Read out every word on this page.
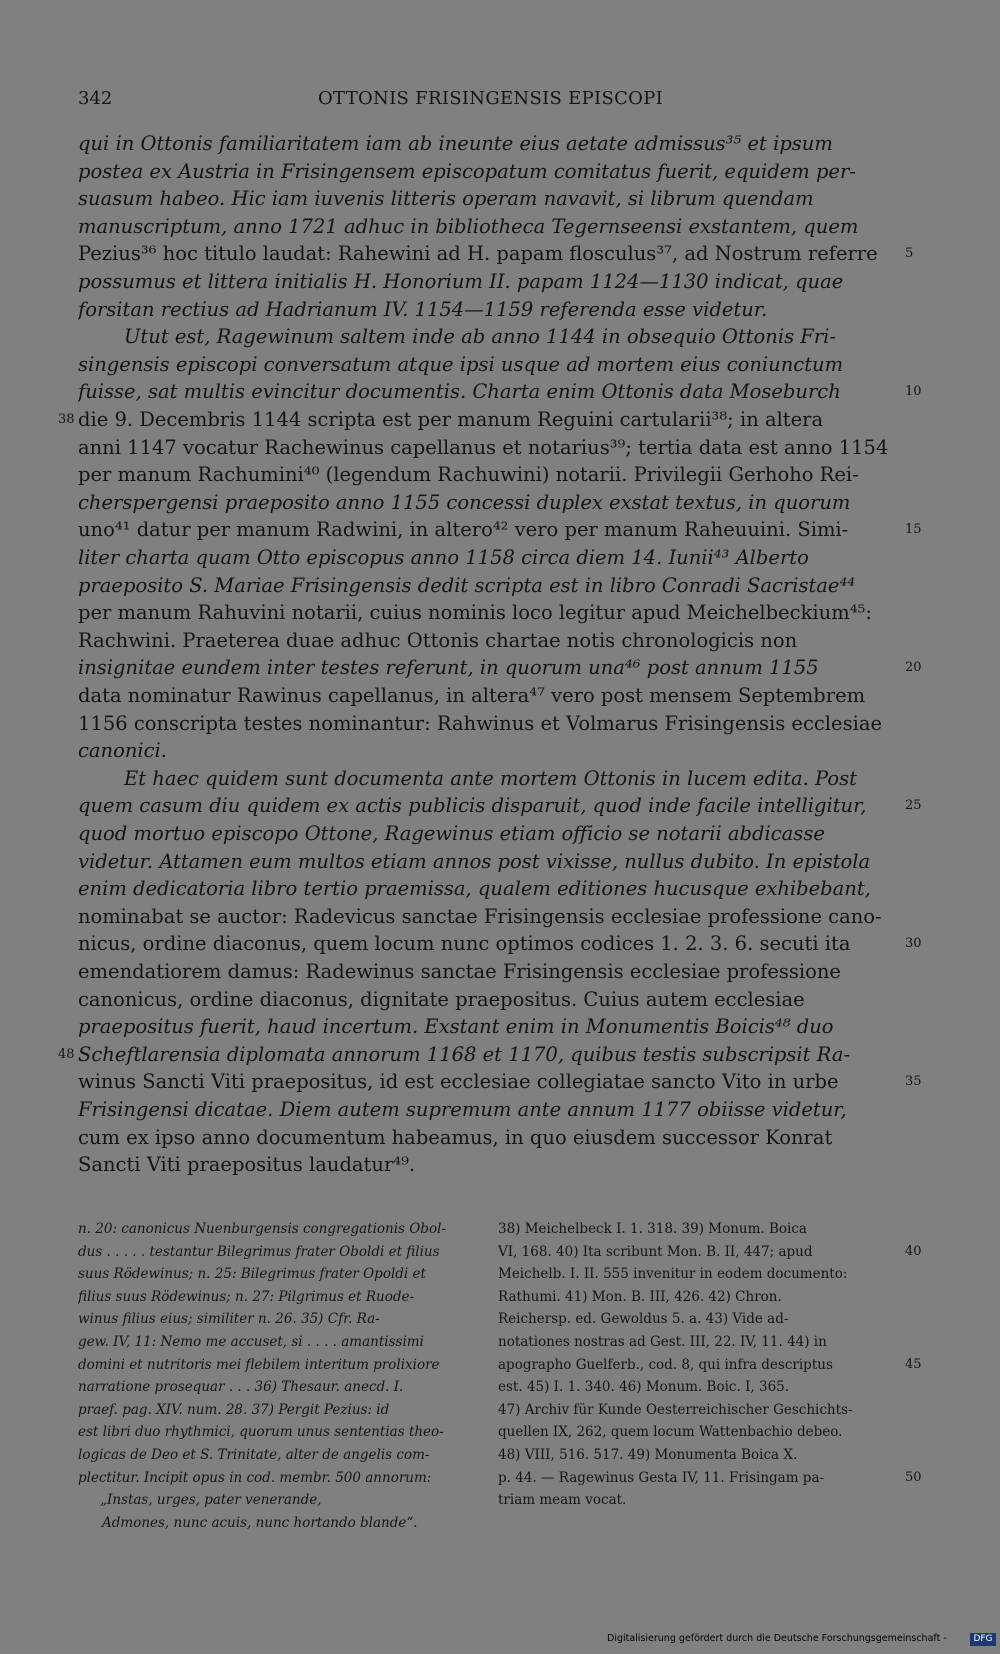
342	OTTONIS FRISINGENSIS EPISCOPI
qui in Ottonis familiaritatem iam ab ineunte eius aetate admissus³⁵ et ipsum
postea ex Austria in Frisingensem episcopatum comitatus fuerit, equidem per-
suasum habeo. Hic iam iuvenis litteris operam navavit, si librum quendam
manuscriptum, anno 1721 adhuc in bibliotheca Tegernseensi exstantem, quem
Pezius³⁶ hoc titulo laudat: Rahewini ad H. papam flosculus³⁷, ad Nostrum referre
possumus et littera initialis H. Honorium II. papam 1124—1130 indicat, quae
forsitan rectius ad Hadrianum IV. 1154—1159 referenda esse videtur.
Utut est, Ragewinum saltem inde ab anno 1144 in obsequio Ottonis Fri-
singensis episcopi conversatum atque ipsi usque ad mortem eius coniunctum
fuisse, sat multis evincitur documentis. Charta enim Ottonis data Moseburch
die 9. Decembris 1144 scripta est per manum Reguini cartularii³⁸; in altera
anni 1147 vocatur Rachewinus capellanus et notarius³⁹; tertia data est anno 1154
per manum Rachumini⁴⁰ (legendum Rachuwini) notarii. Privilegii Gerhoho Rei-
cherspergensi praeposito anno 1155 concessi duplex exstat textus, in quorum
uno⁴¹ datur per manum Radwini, in altero⁴² vero per manum Raheuuini. Simi-
liter charta quam Otto episcopus anno 1158 circa diem 14. Iunii⁴³ Alberto
praeposito S. Mariae Frisingensis dedit scripta est in libro Conradi Sacristae⁴⁴
per manum Rahuvini notarii, cuius nominis loco legitur apud Meichelbeckium⁴⁵:
Rachwini. Praeterea duae adhuc Ottonis chartae notis chronologicis non
insignitae eundem inter testes referunt, in quorum una⁴⁶ post annum 1155
data nominatur Rawinus capellanus, in altera⁴⁷ vero post mensem Septembrem
1156 conscripta testes nominantur: Rahwinus et Volmarus Frisingensis ecclesiae
canonici.
Et haec quidem sunt documenta ante mortem Ottonis in lucem edita. Post
quem casum diu quidem ex actis publicis disparuit, quod inde facile intelligitur,
quod mortuo episcopo Ottone, Ragewinus etiam officio se notarii abdicasse
videtur. Attamen eum multos etiam annos post vixisse, nullus dubito. In epistola
enim dedicatoria libro tertio praemissa, qualem editiones hucusque exhibebant,
nominabat se auctor: Radevicus sanctae Frisingensis ecclesiae professione cano-
nicus, ordine diaconus, quem locum nunc optimos codices 1. 2. 3. 6. secuti ita
emendatiorem damus: Radewinus sanctae Frisingensis ecclesiae professione
canonicus, ordine diaconus, dignitate praepositus. Cuius autem ecclesiae
praepositus fuerit, haud incertum. Exstant enim in Monumentis Boicis⁴⁸ duo
Scheftlarensia diplomata annorum 1168 et 1170, quibus testis subscripsit Ra-
winus Sancti Viti praepositus, id est ecclesiae collegiatae sancto Vito in urbe
Frisingensi dicatae. Diem autem supremum ante annum 1177 obiisse videtur,
cum ex ipso anno documentum habeamus, in quo eiusdem successor Konrat
Sancti Viti praepositus laudatur⁴⁹.
n. 20: canonicus Nuenburgensis congregationis Obol-
dus . . . . . testantur Bilegrimus frater Oboldi et filius
suus Rödewinus; n. 25: Bilegrimus frater Opoldi et
filius suus Rödewinus; n. 27: Pilgrimus et Ruode-
winus filius eius; similiter n. 26. 35) Cfr. Ra-
gew. IV, 11: Nemo me accuset, si . . . . amantissimi
domini et nutritoris mei flebilem interitum prolixiore
narratione prosequar . . . 36) Thesaur. anecd. I.
praef. pag. XIV. num. 28. 37) Pergit Pezius: id
est libri duo rhythmici, quorum unus sententias theo-
logicas de Deo et S. Trinitate, alter de angelis com-
plectitur. Incipit opus in cod. membr. 500 annorum:
„Instas, urges, pater venerande,
Admones, nunc acuis, nunc hortando blande“.
38) Meichelbeck I. 1. 318. 39) Monum. Boica
VI, 168. 40) Ita scribunt Mon. B. II, 447; apud
Meichelb. I. II. 555 invenitur in eodem documento:
Rathumi. 41) Mon. B. III, 426. 42) Chron.
Reichersp. ed. Gewoldus 5. a. 43) Vide ad-
notationes nostras ad Gest. III, 22. IV, 11. 44) in
apographo Guelferb., cod. 8, qui infra descriptus
est. 45) I. 1. 340. 46) Monum. Boic. I, 365.
47) Archiv für Kunde Oesterreichischer Geschichts-
quellen IX, 262, quem locum Wattenbachio debeo.
48) VIII, 516. 517. 49) Monumenta Boica X.
p. 44. — Ragewinus Gesta IV, 11. Frisingam pa-
triam meam vocat.
Digitalisierung gefördert durch die Deutsche Forschungsgemeinschaft -	DFG
38
48
5
10
15
20
25
30
35
40
45
50
